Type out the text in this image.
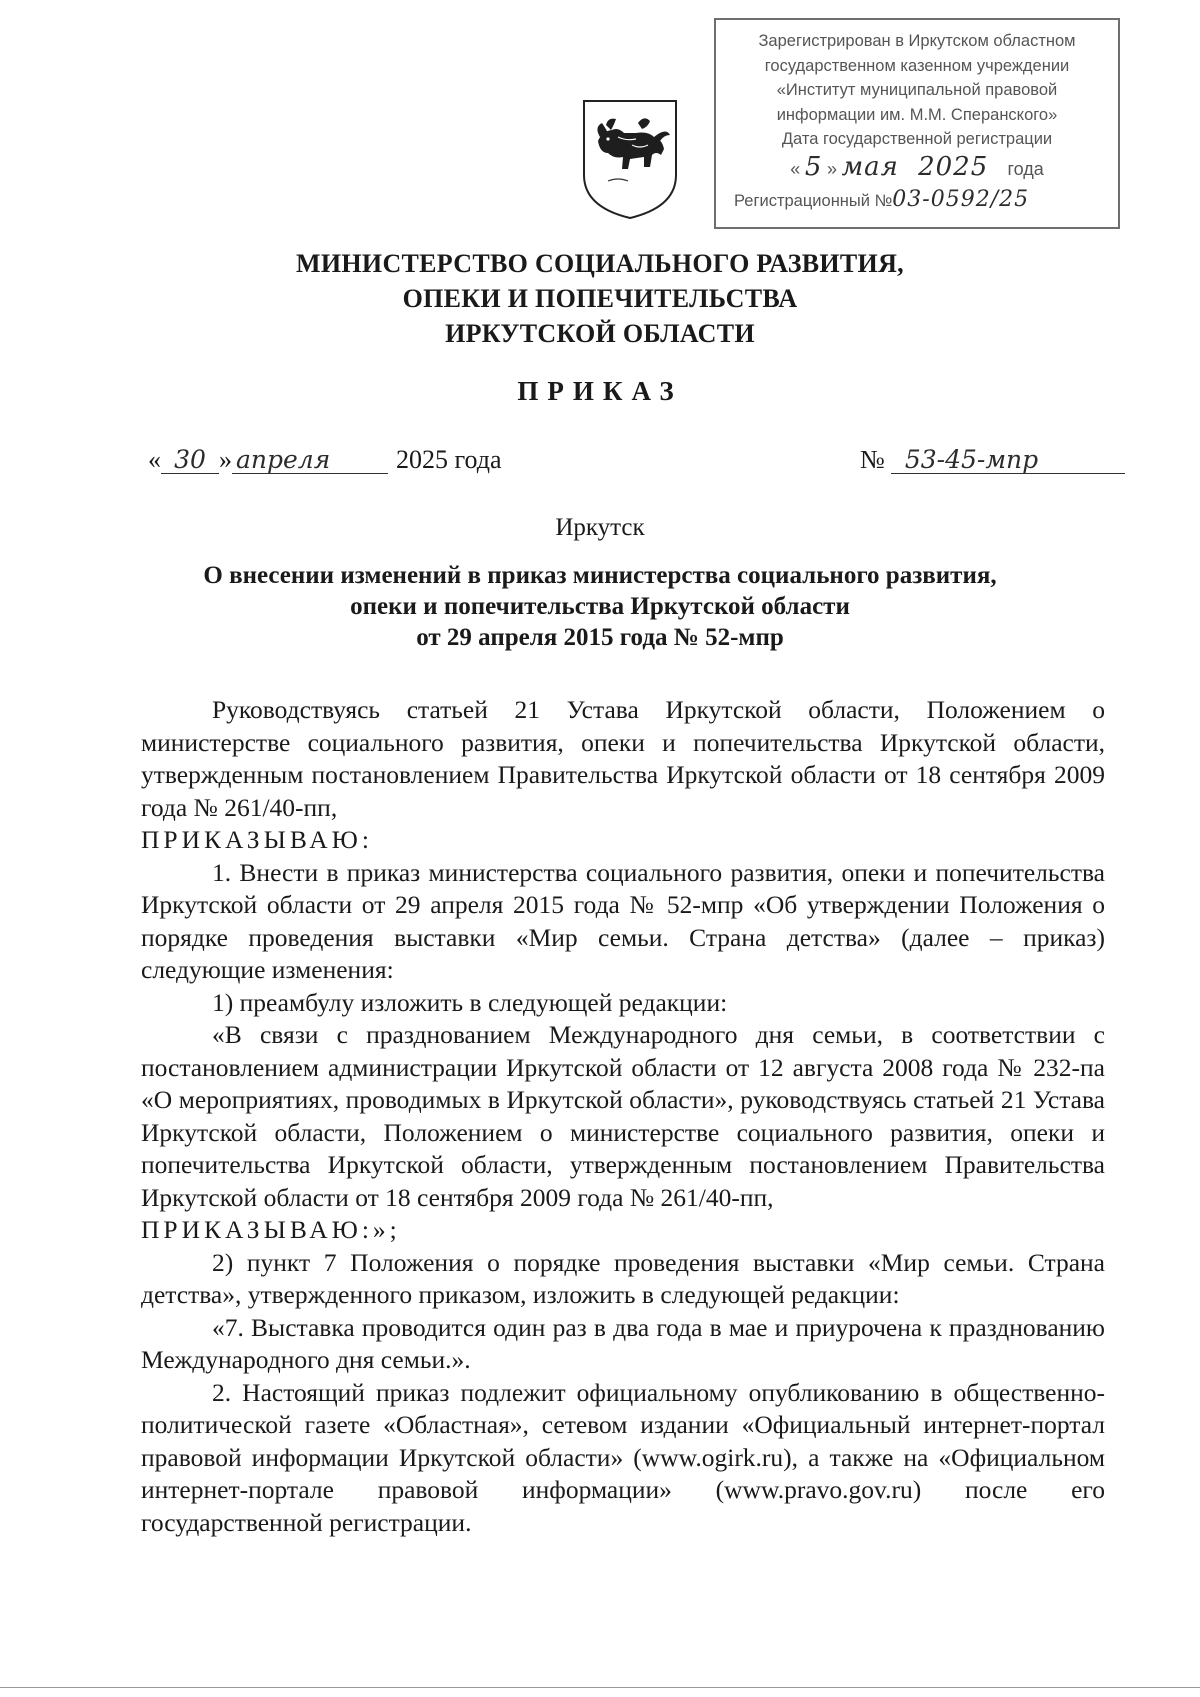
Зарегистрирован в Иркутском областном
государственном казенном учреждении
«Институт муниципальной правовой
информации им. М.М. Сперанского»
Дата государственной регистрации
« 5 » мая 2025 года
Регистрационный №03-0592/25
МИНИСТЕРСТВО СОЦИАЛЬНОГО РАЗВИТИЯ,
ОПЕКИ И ПОПЕЧИТЕЛЬСТВА
ИРКУТСКОЙ ОБЛАСТИ
ПРИКАЗ
« 30 » апреля	2025 года	№ 53-45-мпр
Иркутск
О внесении изменений в приказ министерства социального развития,
опеки и попечительства Иркутской области
от 29 апреля 2015 года № 52-мпр

Руководствуясь статьей 21 Устава Иркутской области, Положением о министерстве социального развития, опеки и попечительства Иркутской области, утвержденным постановлением Правительства Иркутской области от 18 сентября 2009 года № 261/40-пп,

ПРИКАЗЫВАЮ:

1. Внести в приказ министерства социального развития, опеки и попечительства Иркутской области от 29 апреля 2015 года № 52-мпр «Об утверждении Положения о порядке проведения выставки «Мир семьи. Страна детства» (далее – приказ) следующие изменения:

1) преамбулу изложить в следующей редакции:

«В связи с празднованием Международного дня семьи, в соответствии с постановлением администрации Иркутской области от 12 августа 2008 года № 232-па «О мероприятиях, проводимых в Иркутской области», руководствуясь статьей 21 Устава Иркутской области, Положением о министерстве социального развития, опеки и попечительства Иркутской области, утвержденным постановлением Правительства Иркутской области от 18 сентября 2009 года № 261/40-пп,

ПРИКАЗЫВАЮ:»;

2) пункт 7 Положения о порядке проведения выставки «Мир семьи. Страна детства», утвержденного приказом, изложить в следующей редакции:

«7. Выставка проводится один раз в два года в мае и приурочена к празднованию Международного дня семьи.».

2. Настоящий приказ подлежит официальному опубликованию в общественно-политической газете «Областная», сетевом издании «Официальный интернет-портал правовой информации Иркутской области» (www.ogirk.ru), а также на «Официальном интернет-портале правовой информации» (www.pravo.gov.ru) после его государственной регистрации.
